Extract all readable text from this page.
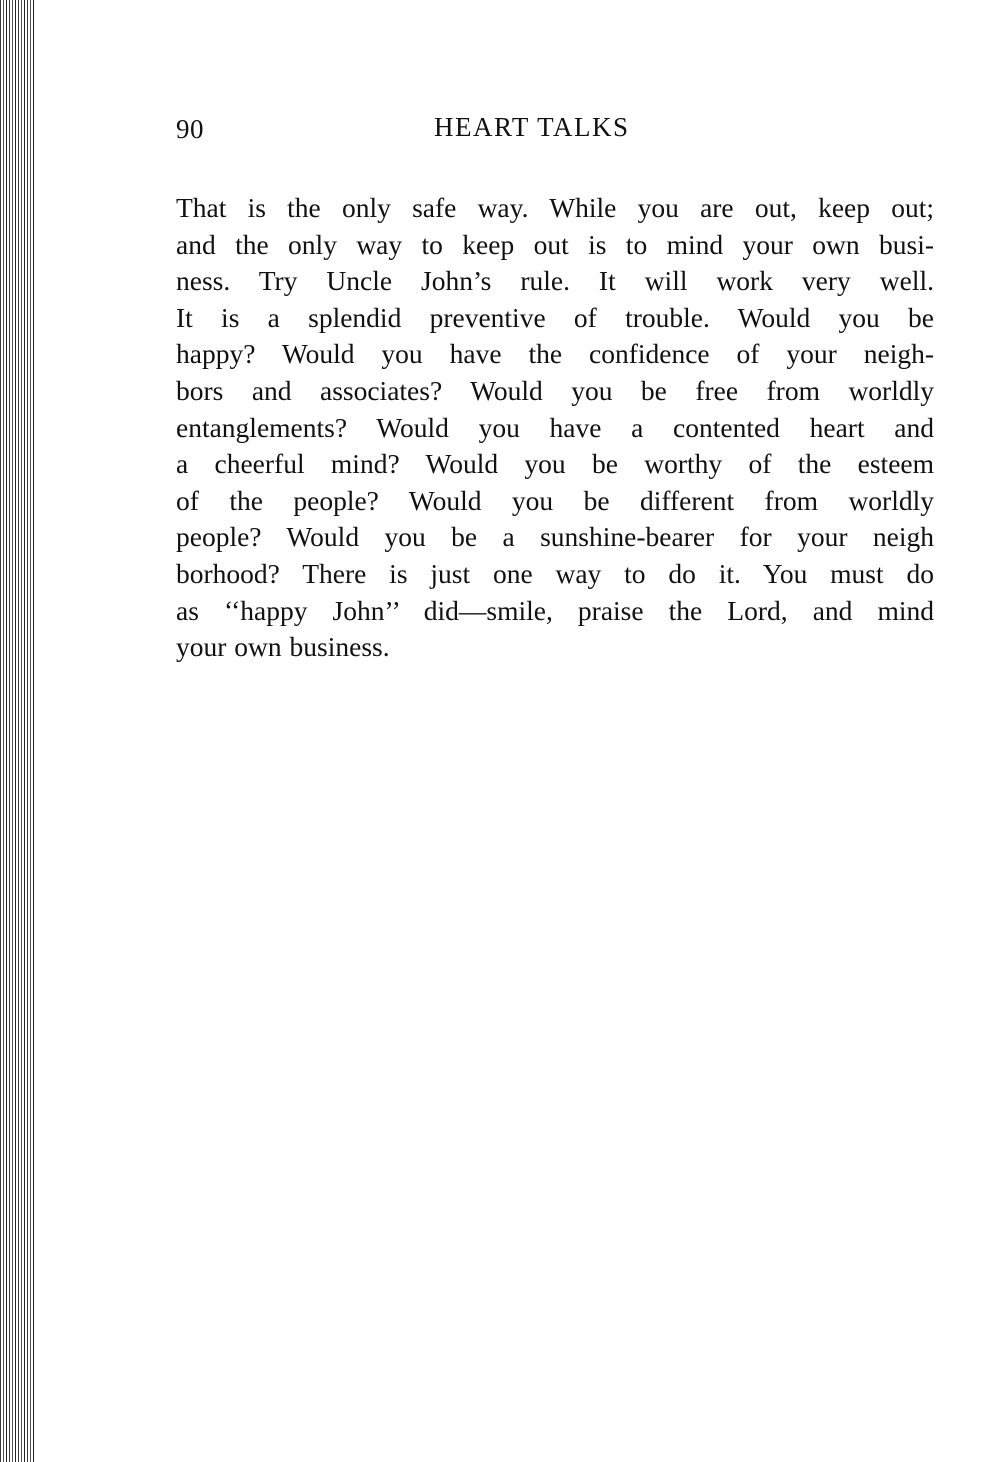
90	HEART TALKS
That is the only safe way. While you are out, keep out;
and the only way to keep out is to mind your own busi-
ness. Try Uncle John’s rule. It will work very well.
It is a splendid preventive of trouble. Would you be
happy? Would you have the confidence of your neigh-
bors and associates? Would you be free from worldly
entanglements? Would you have a contented heart and
a cheerful mind? Would you be worthy of the esteem
of the people? Would you be different from worldly
people? Would you be a sunshine-bearer for your neigh
borhood? There is just one way to do it. You must do
as ‘‘happy John’’ did—smile, praise the Lord, and mind
your own business.
